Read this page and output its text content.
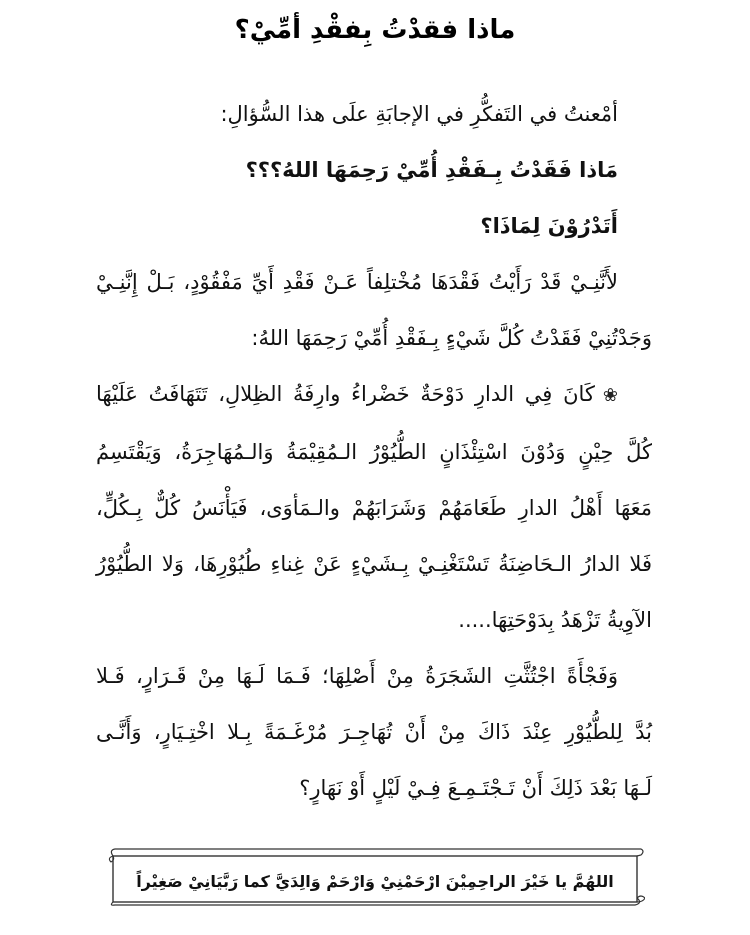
ماذا فقدْتُ بِفقْدِ أمِّيْ؟
أمْعنتُ في التَفكُّرِ في الإجابَةِ علَى هذا السُّؤالِ:
مَاذا فَقَدْتُ بِـفَقْدِ أُمِّيْ رَحِمَهَا اللهُ؟؟؟
أَتَدْرُوْنَ لِمَاذَا؟
لأَنَّنِـيْ قَدْ رَأَيْتُ فَقْدَهَا مُخْتلِفاً عَـنْ فَقْدِ أَيِّ مَفْقُوْدٍ، بَـلْ إِنَّنِـيْ
وَجَدْتُنِيْ فَقَدْتُ كُلَّ شَيْءٍ بِـفَقْدِ أُمِّيْ رَحِمَهَا اللهُ:
❀كَانَ فِي الدارِ دَوْحَةٌ خَضْراءُ وارِفَةُ الظِلالِ، تَتَهَافَتُ عَلَيْهَا
كُلَّ حِيْنٍ وَدُوْنَ اسْتِئْذَانٍ الطُّيُوْرُ الـمُقِيْمَةُ وَالـمُهَاجِرَةُ، وَيَقْتَسِمُ
مَعَهَا أَهْلُ الدارِ طَعَامَهُمْ وَشَرَابَهُمْ والـمَأوَى، فَيَأْنَسُ كُلٌّ بِـكُلٍّ،
فَلا الدارُ الـحَاضِنَةُ تَسْتَغْنِـيْ بِـشَيْءٍ عَنْ غِناءِ طُيُوْرِهَا، وَلا الطُّيُوْرُ
الآوِيةُ تَزْهَدُ بِدَوْحَتِهَا.....
وَفَجْأَةً اجْتُثَّتِ الشَجَرَةُ مِنْ أَصْلِهَا؛ فَـمَا لَـهَا مِنْ قَـرَارٍ، فَـلا
بُدَّ لِلطُّيُوْرِ عِنْدَ ذَاكَ مِنْ أَنْ تُهَاجِـرَ مُرْغَـمَةً بِـلا اخْتِـيَارٍ، وَأَنَّـى
لَـهَا بَعْدَ ذَلِكَ أَنْ تَـجْتَـمِـعَ فِـيْ لَيْلٍ أَوْ نَهَارٍ؟
اللهُمَّ يا خَيْرَ الراحِمِيْنَ ارْحَمْنِيْ وَارْحَمْ وَالِدَيَّ كما رَبَّيَانِيْ صَغِيْراً
